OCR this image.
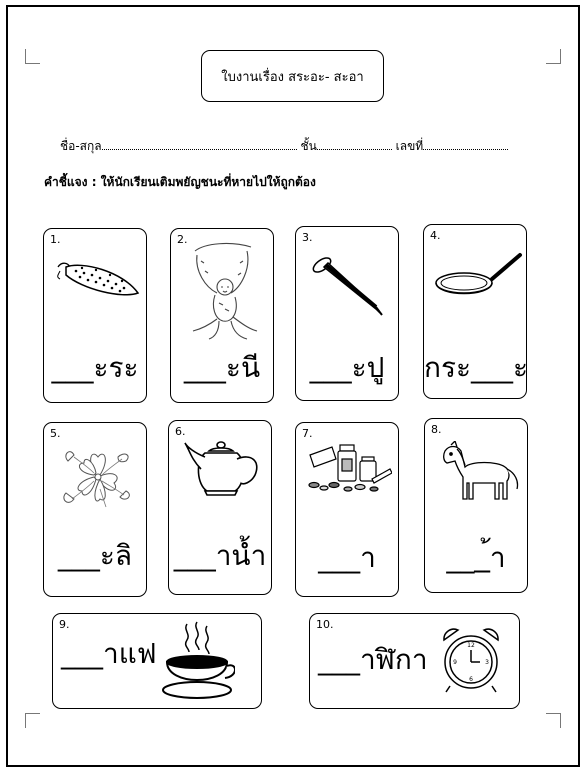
ใบงานเรื่อง สระอะ- สะอา
ชื่อ-สกุล	ชั้น	เลขที่
คำชี้แจง : ให้นักเรียนเติมพยัญชนะที่หายไปให้ถูกต้อง
1.
___ะระ
2.
___ะนี
3.
___ะปู
4.
กระ___ะ
5.
___ะลิ
6.
___าน้ำ
7.
___า
8.
___้า
9.
___าแฟ
10.
___าฬิกา	12
3
6
9
